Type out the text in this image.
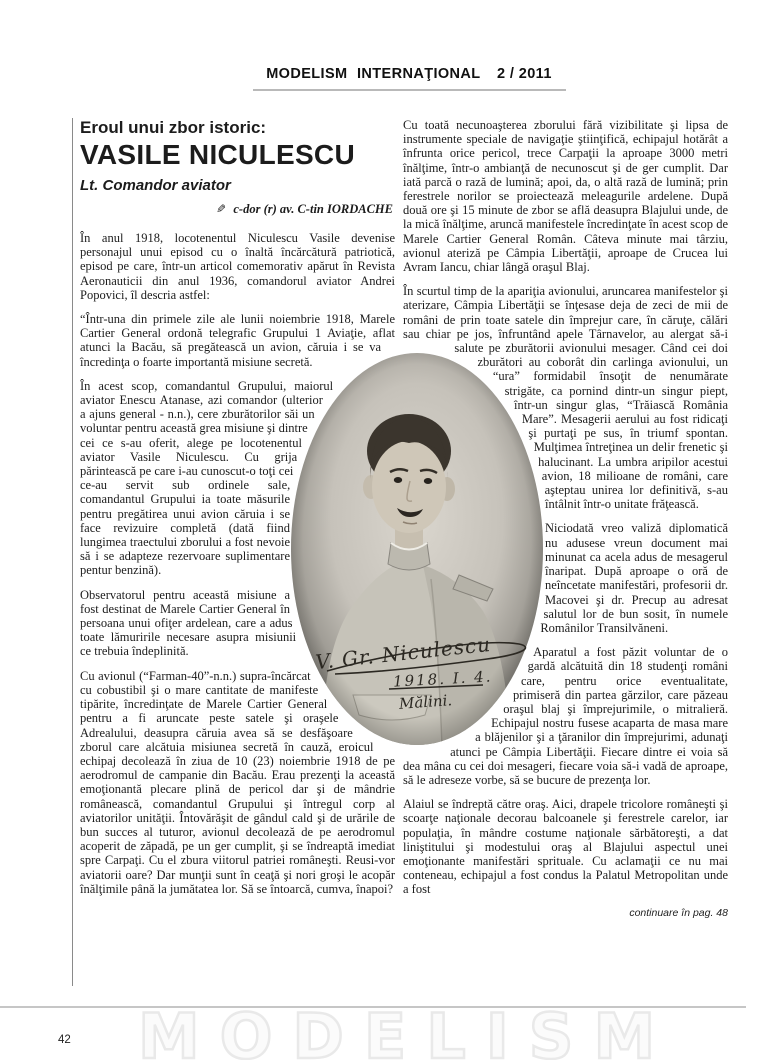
MODELISM INTERNAŢIONAL 2 / 2011
Eroul unui zbor istoric:
VASILE NICULESCU
Lt. Comandor aviator
✎ c-dor (r) av. C-tin IORDACHE

În anul 1918, locotenentul Niculescu Vasile devenise personajul unui episod cu o înaltă încărcătură patriotică, episod pe care, într-un articol comemorativ apărut în Revista Aeronauticii din anul 1936, comandorul aviator Andrei Popovici, îl descria astfel:

“Într-una din primele zile ale lunii noiembrie 1918, Marele Cartier General ordonă telegrafic Grupului 1 Aviaţie, aflat atunci la Bacău, să pregătească un avion, căruia i se va încredinţa o foarte importantă misiune secretă.

În acest scop, comandantul Grupului, maiorul aviator Enescu Atanase, azi comandor (ulterior a ajuns general - n.n.), cere zburătorilor săi un voluntar pentru această grea misiune şi dintre cei ce s-au oferit, alege pe locotenentul aviator Vasile Niculescu. Cu grija părintească pe care i-au cunoscut-o toţi cei ce-au servit sub ordinele sale, comandantul Grupului ia toate măsurile pentru pregătirea unui avion căruia i se face revizuire completă (dată fiind lungimea traectului zborului a fost nevoie să i se adapteze rezervoare suplimentare pentur benzină).

Observatorul pentru această misiune a fost destinat de Marele Cartier General în persoana unui ofiţer ardelean, care a adus toate lămuririle necesare asupra misiunii ce trebuia îndeplinită.

Cu avionul (“Farman-40”-n.n.) supra-încărcat cu cobustibil şi o mare cantitate de manifeste tipărite, încredinţate de Marele Cartier General pentru a fi aruncate peste satele şi oraşele Adrealului, deasupra căruia avea să se desfăşoare zborul care alcătuia misiunea secretă în cauză, eroicul echipaj decolează în ziua de 10 (23) noiembrie 1918 de pe aerodromul de campanie din Bacău. Erau prezenţi la această emoţionantă plecare plină de pericol dar şi de mândrie românească, comandantul Grupului şi întregul corp al aviatorilor unităţii. Întovărăşit de gândul cald şi de urările de bun succes al tuturor, avionul decolează de pe aerodromul acoperit de zăpadă, pe un ger cumplit, şi se îndreaptă imediat spre Carpaţi. Cu el zbura viitorul patriei româneşti. Reusi-vor aviatorii oare? Dar munţii sunt în ceaţă şi nori groşi le acopăr înălţimile până la jumătatea lor. Să se întoarcă, cumva, înapoi?

Cu toată necunoaşterea zborului fără vizibilitate şi lipsa de instrumente speciale de navigaţie ştiinţifică, echipajul hotărât a înfrunta orice pericol, trece Carpaţii la aproape 3000 metri înălţime, într-o ambianţă de necunoscut şi de ger cumplit. Dar iată parcă o rază de lumină; apoi, da, o altă rază de lumină; prin ferestrele norilor se proiectează meleagurile ardelene. După două ore şi 15 minute de zbor se află deasupra Blajului unde, de la mică înălţime, aruncă manifestele încredinţate în acest scop de Marele Cartier General Român. Câteva minute mai târziu, avionul ateriză pe Câmpia Libertăţii, aproape de Crucea lui Avram Iancu, chiar lângă oraşul Blaj.

În scurtul timp de la apariţia avionului, aruncarea manifestelor şi aterizare, Câmpia Libertăţii se înţesase deja de zeci de mii de români de prin toate satele din împrejur care, în căruţe, călări sau chiar pe jos, înfruntând apele Târnavelor, au alergat să-i salute pe zburătorii avionului mesager. Când cei doi zburători au coborât din carlinga avionului, un “ura” formidabil însoţit de nenumărate strigăte, ca pornind dintr-un singur piept, într-un singur glas, “Trăiască România Mare”. Mesagerii aerului au fost ridicaţi şi purtaţi pe sus, în triumf spontan. Mulţimea întreţinea un delir frenetic şi halucinant. La umbra aripilor acestui avion, 18 milioane de români, care aşteptau unirea lor definitivă, s-au întâlnit într-o unitate frăţească.

Niciodată vreo valiză diplomatică nu adusese vreun document mai minunat ca acela adus de mesagerul înaripat. După aproape o oră de neîncetate manifestări, profesorii dr. Macovei şi dr. Precup au adresat salutul lor de bun sosit, în numele Românilor Transilvăneni.

Aparatul a fost păzit voluntar de o gardă alcătuită din 18 studenţi români care, pentru orice eventualitate, primiseră din partea gărzilor, care păzeau oraşul blaj şi împrejurimile, o mitralieră. Echipajul nostru fusese acaparta de masa mare a blăjenilor şi a ţăranilor din împrejurimi, adunaţi atunci pe Câmpia Libertăţii. Fiecare dintre ei voia să dea mâna cu cei doi mesageri, fiecare voia să-i vadă de aproape, să le adreseze vorbe, să se bucure de prezenţa lor.

Alaiul se îndreptă către oraş. Aici, drapele tricolore româneşti şi scoarţe naţionale decorau balcoanele şi ferestrele carelor, iar populaţia, în mândre costume naţionale sărbătoreşti, a dat liniştitului şi modestului oraş al Blajului aspectul unei emoţionante manifestări sprituale. Cu aclamaţii ce nu mai conteneau, echipajul a fost condus la Palatul Metropolitan unde a fost

continuare în pag. 48
V. Gr. Niculescu
1918. I. 4.
Mălini.
MODELISM
42
